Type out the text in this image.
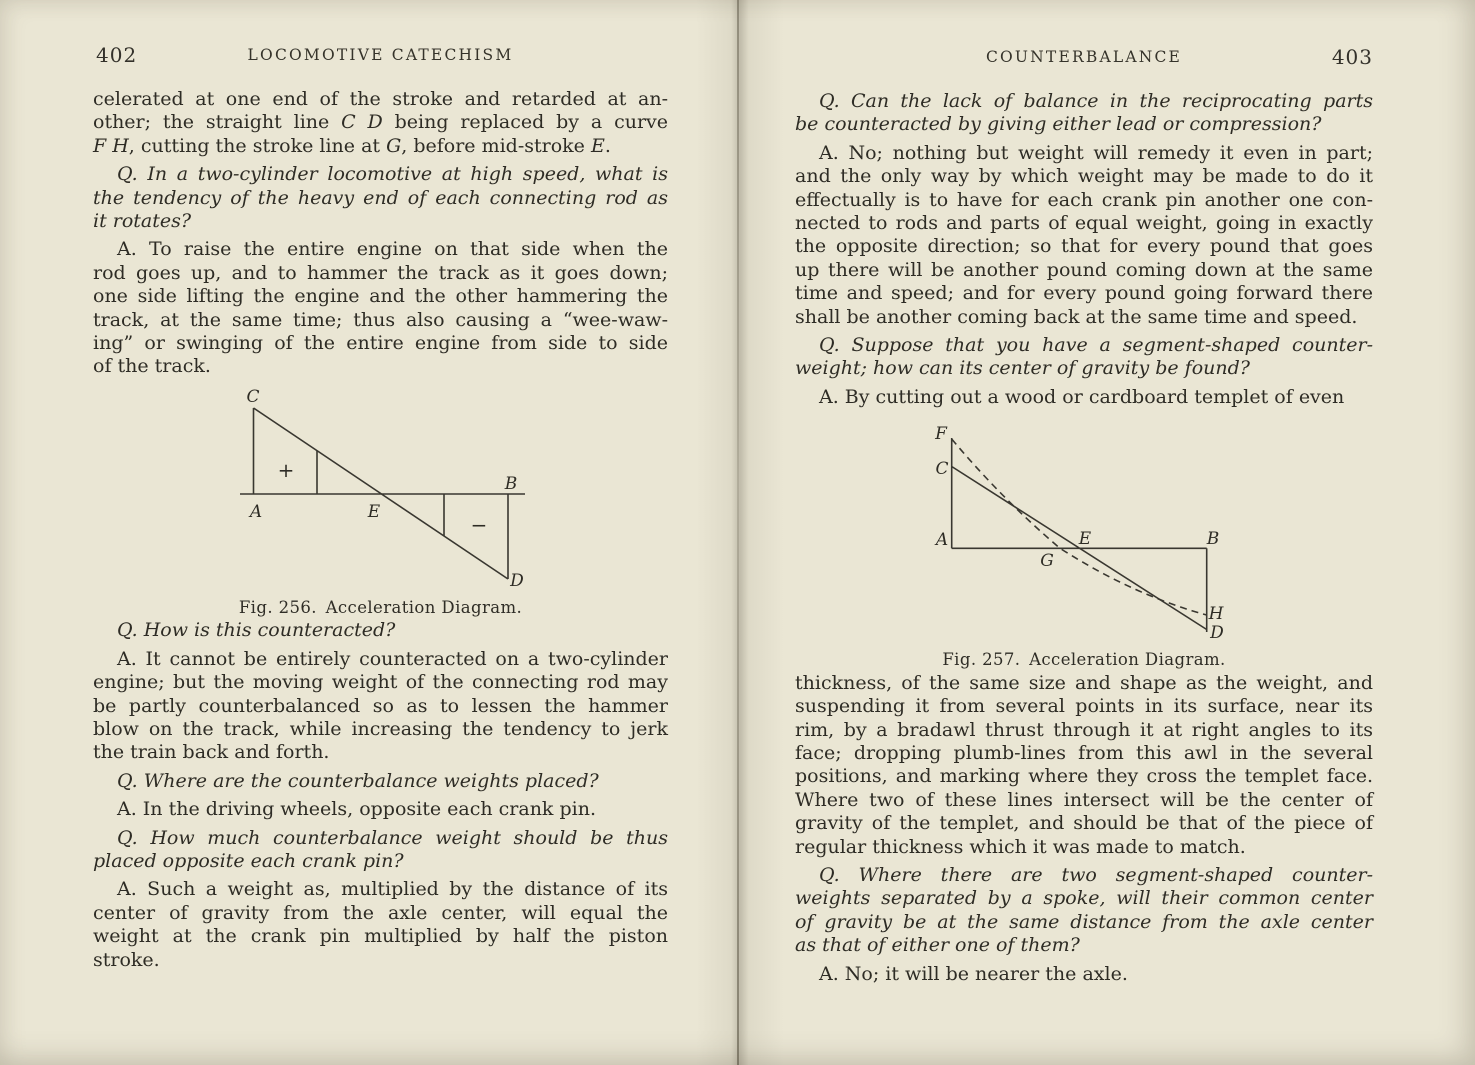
402	LOCOMOTIVE CATECHISM	COUNTERBALANCE	403
celerated at one end of the stroke and retarded at an-
other; the straight line C D being replaced by a curve
F H, cutting the stroke line at G, before mid-stroke E.
Q. In a two-cylinder locomotive at high speed, what is
the tendency of the heavy end of each connecting rod as
it rotates?
A. To raise the entire engine on that side when the
rod goes up, and to hammer the track as it goes down;
one side lifting the engine and the other hammering the
track, at the same time; thus also causing a “wee-waw-
ing” or swinging of the entire engine from side to side
of the track.
C
A	E
B
D
+
−
Fig. 256. Acceleration Diagram.
Q. How is this counteracted?
A. It cannot be entirely counteracted on a two-cylinder
engine; but the moving weight of the connecting rod may
be partly counterbalanced so as to lessen the hammer
blow on the track, while increasing the tendency to jerk
the train back and forth.
Q. Where are the counterbalance weights placed?
A. In the driving wheels, opposite each crank pin.
Q. How much counterbalance weight should be thus
placed opposite each crank pin?
A. Such a weight as, multiplied by the distance of its
center of gravity from the axle center, will equal the
weight at the crank pin multiplied by half the piston
stroke.
Q. Can the lack of balance in the reciprocating parts
be counteracted by giving either lead or compression?
A. No; nothing but weight will remedy it even in part;
and the only way by which weight may be made to do it
effectually is to have for each crank pin another one con-
nected to rods and parts of equal weight, going in exactly
the opposite direction; so that for every pound that goes
up there will be another pound coming down at the same
time and speed; and for every pound going forward there
shall be another coming back at the same time and speed.
Q. Suppose that you have a segment-shaped counter-
weight; how can its center of gravity be found?
A. By cutting out a wood or cardboard templet of even
F
C
A
G
E	B
H
D
Fig. 257. Acceleration Diagram.
thickness, of the same size and shape as the weight, and
suspending it from several points in its surface, near its
rim, by a bradawl thrust through it at right angles to its
face; dropping plumb-lines from this awl in the several
positions, and marking where they cross the templet face.
Where two of these lines intersect will be the center of
gravity of the templet, and should be that of the piece of
regular thickness which it was made to match.
Q. Where there are two segment-shaped counter-
weights separated by a spoke, will their common center
of gravity be at the same distance from the axle center
as that of either one of them?
A. No; it will be nearer the axle.
